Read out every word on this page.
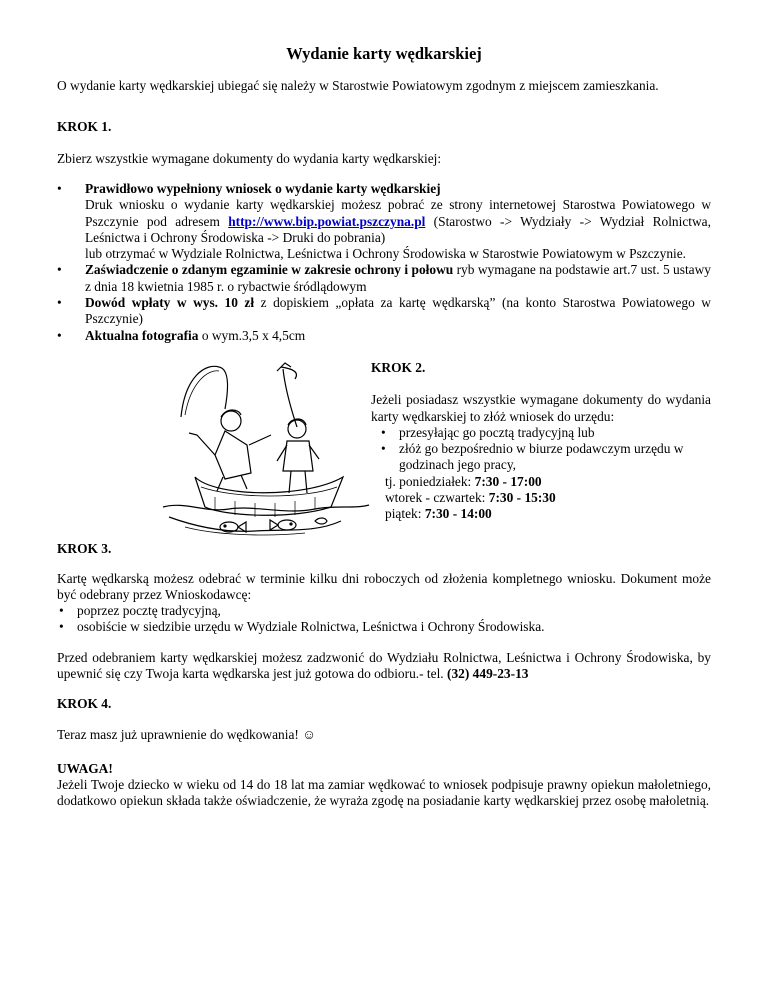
Wydanie karty wędkarskiej

O wydanie karty wędkarskiej ubiegać się należy w Starostwie Powiatowym zgodnym z miejscem zamieszkania.

KROK 1.

Zbierz wszystkie wymagane dokumenty do wydania karty wędkarskiej:

• Prawidłowo wypełniony wniosek o wydanie karty wędkarskiej
Druk wniosku o wydanie karty wędkarskiej możesz pobrać ze strony internetowej Starostwa Powiatowego w Pszczynie pod adresem http://www.bip.powiat.pszczyna.pl (Starostwo -> Wydziały -> Wydział Rolnictwa, Leśnictwa i Ochrony Środowiska -> Druki do pobrania)
lub otrzymać w Wydziale Rolnictwa, Leśnictwa i Ochrony Środowiska w Starostwie Powiatowym w Pszczynie.
• Zaświadczenie o zdanym egzaminie w zakresie ochrony i połowu ryb wymagane na podstawie art.7 ust. 5 ustawy z dnia 18 kwietnia 1985 r. o rybactwie śródlądowym
• Dowód wpłaty w wys. 10 zł z dopiskiem „opłata za kartę wędkarską” (na konto Starostwa Powiatowego w Pszczynie)
• Aktualna fotografia o wym.3,5 x 4,5cm

KROK 2.

Jeżeli posiadasz wszystkie wymagane dokumenty do wydania karty wędkarskiej to złóż wniosek do urzędu:

• przesyłając go pocztą tradycyjną lub
• złóż go bezpośrednio w biurze podawczym urzędu w godzinach jego pracy,

tj. poniedziałek: 7:30 - 17:00
wtorek - czwartek: 7:30 - 15:30
piątek: 7:30 - 14:00

KROK 3.

Kartę wędkarską możesz odebrać w terminie kilku dni roboczych od złożenia kompletnego wniosku. Dokument może być odebrany przez Wnioskodawcę:

• poprzez pocztę tradycyjną,
• osobiście w siedzibie urzędu w Wydziale Rolnictwa, Leśnictwa i Ochrony Środowiska.

Przed odebraniem karty wędkarskiej możesz zadzwonić do Wydziału Rolnictwa, Leśnictwa i Ochrony Środowiska, by upewnić się czy Twoja karta wędkarska jest już gotowa do odbioru.- tel. (32) 449-23-13

KROK 4.

Teraz masz już uprawnienie do wędkowania! ☺

UWAGA!

Jeżeli Twoje dziecko w wieku od 14 do 18 lat ma zamiar wędkować to wniosek podpisuje prawny opiekun małoletniego, dodatkowo opiekun składa także oświadczenie, że wyraża zgodę na posiadanie karty wędkarskiej przez osobę małoletnią.
